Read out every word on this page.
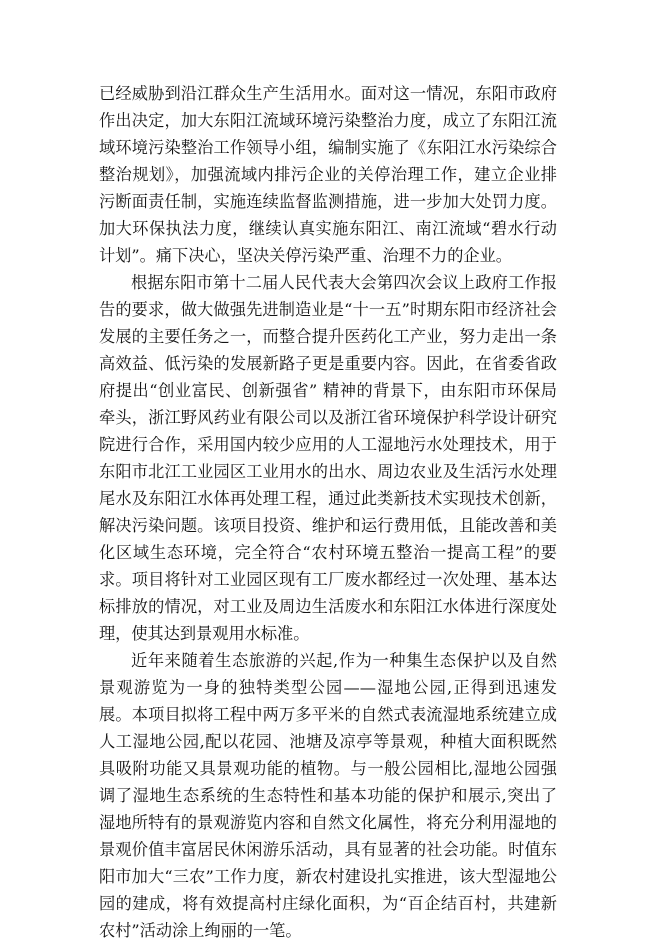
已经威胁到沿江群众生产生活用水。面对这一情况，东阳市政府作出决定，加大东阳江流域环境污染整治力度，成立了东阳江流域环境污染整治工作领导小组，编制实施了《东阳江水污染综合整治规划》，加强流域内排污企业的关停治理工作，建立企业排污断面责任制，实施连续监督监测措施，进一步加大处罚力度。加大环保执法力度，继续认真实施东阳江、南江流域“碧水行动计划”。痛下决心，坚决关停污染严重、治理不力的企业。

根据东阳市第十二届人民代表大会第四次会议上政府工作报告的要求，做大做强先进制造业是“十一五”时期东阳市经济社会发展的主要任务之一，而整合提升医药化工产业，努力走出一条高效益、低污染的发展新路子更是重要内容。因此，在省委省政府提出“创业富民、创新强省” 精神的背景下，由东阳市环保局牵头，浙江野风药业有限公司以及浙江省环境保护科学设计研究院进行合作，采用国内较少应用的人工湿地污水处理技术，用于东阳市北江工业园区工业用水的出水、周边农业及生活污水处理尾水及东阳江水体再处理工程，通过此类新技术实现技术创新，解决污染问题。该项目投资、维护和运行费用低，且能改善和美化区域生态环境，完全符合“农村环境五整治一提高工程”的要求。项目将针对工业园区现有工厂废水都经过一次处理、基本达标排放的情况，对工业及周边生活废水和东阳江水体进行深度处理，使其达到景观用水标准。

近年来随着生态旅游的兴起,作为一种集生态保护以及自然景观游览为一身的独特类型公园——湿地公园,正得到迅速发展。本项目拟将工程中两万多平米的自然式表流湿地系统建立成人工湿地公园,配以花园、池塘及凉亭等景观，种植大面积既然具吸附功能又具景观功能的植物。与一般公园相比,湿地公园强调了湿地生态系统的生态特性和基本功能的保护和展示,突出了湿地所特有的景观游览内容和自然文化属性，将充分利用湿地的景观价值丰富居民休闲游乐活动，具有显著的社会功能。时值东阳市加大“三农”工作力度，新农村建设扎实推进，该大型湿地公园的建成，将有效提高村庄绿化面积，为“百企结百村，共建新农村”活动涂上绚丽的一笔。
